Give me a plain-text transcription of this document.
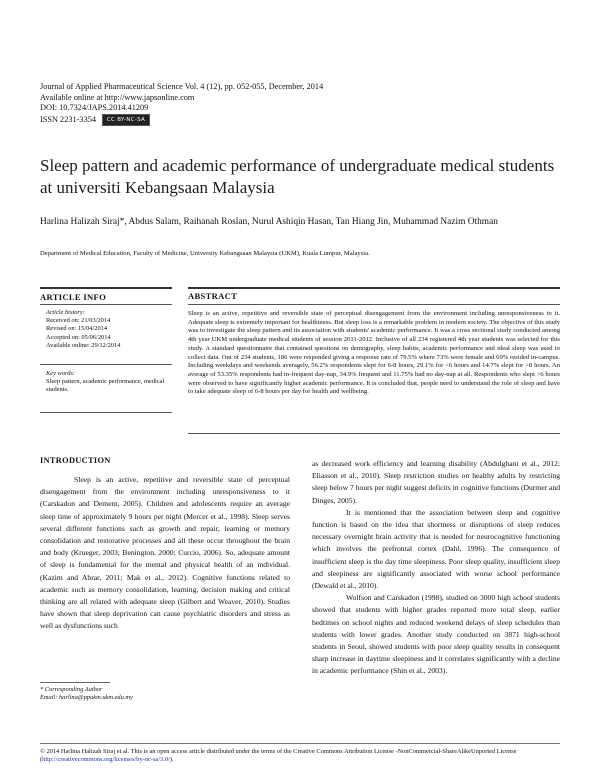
Journal of Applied Pharmaceutical Science Vol. 4 (12), pp. 052-055, December, 2014
Available online at http://www.japsonline.com
DOI: 10.7324/JAPS.2014.41209
ISSN 2231-3354 CC BY-NC-SA
Sleep pattern and academic performance of undergraduate medical students at universiti Kebangsaan Malaysia
Harlina Halizah Siraj*, Abdus Salam, Raihanah Roslan, Nurul Ashiqin Hasan, Tan Hiang Jin, Muhammad Nazim Othman
Department of Medical Education, Faculty of Medicine, University Kebangsaan Malaysia (UKM), Kuala Lumpur, Malaysia.
ARTICLE INFO
Article history:
Received on: 21/03/2014
Revised on: 15/04/2014
Accepted on: 05/06/2014
Available online: 29/12/2014
Key words:
Sleep pattern, academic performance, medical students.
ABSTRACT
Sleep is an active, repetitive and reversible state of perceptual disengagement from the environment including unresponsiveness to it. Adequate sleep is extremely important for healthiness. But sleep loss is a remarkable problem in modern society. The objective of this study was to investigate the sleep pattern and its association with students' academic performance. It was a cross sectional study conducted among 4th year UKM undergraduate medical students of session 2011-2012. Inclusive of all 234 registered 4th year students was selected for this study. A standard questionnaire that contained questions on demography, sleep habits, academic performance and ideal sleep was used to collect data. Out of 234 students, 186 were responded giving a response rate of 79.5% where 73% were female and 69% resided in-campus. Including weekdays and weekends averagely, 56.2% respondents slept for 6-8 hours, 29.1% for <6 hours and 14.7% slept for >8 hours. An average of 53.35% respondents had in-frequent day-nap, 34.9% frequent and 11.75% had no day-nap at all. Respondents who slept >6 hours were observed to have significantly higher academic performance. It is concluded that, people need to understand the role of sleep and have to take adequate sleep of 6-8 hours per day for health and wellbeing.
INTRODUCTION

Sleep is an active, repetitive and reversible state of perceptual disengagement from the environment including unresponsiveness to it (Carskadon and Dement, 2005). Children and adolescents require an average sleep time of approximately 9 hours per night (Mercer et al., 1998). Sleep serves several different functions such as growth and repair, learning or memory consolidation and restorative processes and all these occur throughout the brain and body (Krueger, 2003; Benington, 2000; Curcio, 2006). So, adequate amount of sleep is fundamental for the mental and physical health of an individual. (Kazim and Abrar, 2011; Mak et al., 2012). Cognitive functions related to academic such as memory consolidation, learning, decision making and critical thinking are all related with adequate sleep (Gilbert and Weaver, 2010). Studies have shown that sleep deprivation can cause psychiatric disorders and stress as well as dysfunctions such

as decreased work efficiency and learning disability (Abdulghani et al., 2012; Eliasson et al., 2010). Sleep restriction studies on healthy adults by restricting sleep below 7 hours per night suggest deficits in cognitive functions (Durmer and Dinges, 2005).

It is mentioned that the association between sleep and cognitive function is based on the idea that shortness or disruptions of sleep reduces necessary overnight brain activity that is needed for neurocognitive functioning which involves the prefrontal cortex (Dahl, 1996). The consequence of insufficient sleep is the day time sleepiness. Poor sleep quality, insufficient sleep and sleepiness are significantly associated with worse school performance (Dewald et al., 2010).

Wolfson and Carskadon (1998), studied on 3000 high school students showed that students with higher grades reported more total sleep, earlier bedtimes on school nights and reduced weekend delays of sleep schedules than students with lower grades. Another study conducted on 3871 high-school students in Seoul, showed students with poor sleep quality results in consequent sharp increase in daytime sleepiness and it correlates significantly with a decline in academic performance (Shin et al., 2003).

* Corresponding Author
Email: harlina@ppukm.ukm.edu.my
© 2014 Harlina Halizah Siraj et al. This is an open access article distributed under the terms of the Creative Commons Attribution License -NonCommercial-ShareAlikeUnported License (http://creativecommons.org/licenses/by-nc-sa/3.0/).
